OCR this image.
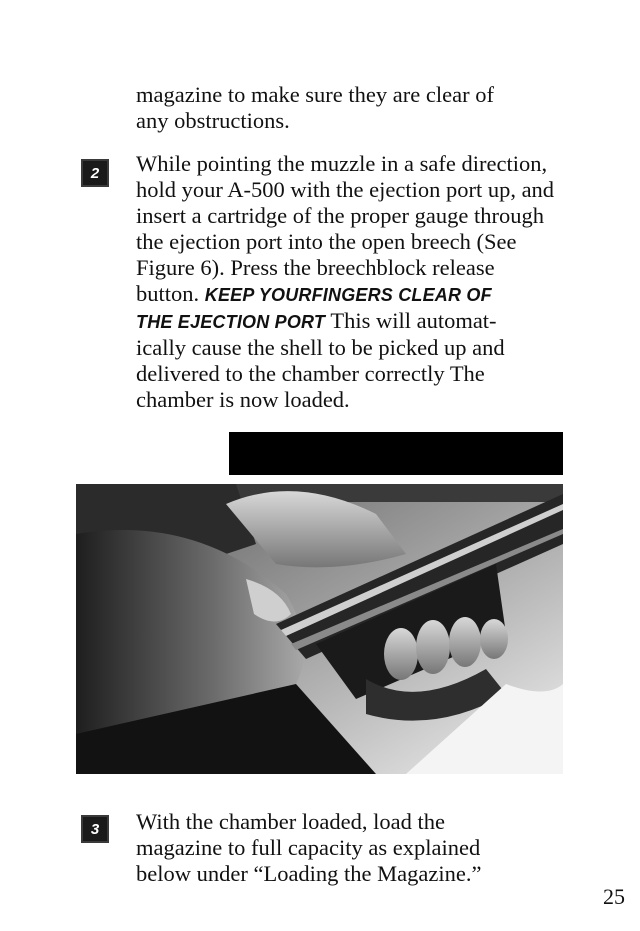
magazine to make sure they are clear of
any obstructions.
2	While pointing the muzzle in a safe direction,
hold your A-500 with the ejection port up, and
insert a cartridge of the proper gauge through
the ejection port into the open breech (See
Figure 6). Press the breechblock release
button. KEEP YOURFINGERS CLEAR OF
THE EJECTION PORT This will automat-
ically cause the shell to be picked up and
delivered to the chamber correctly The
chamber is now loaded.
3	With the chamber loaded, load the
magazine to full capacity as explained
below under “Loading the Magazine.”
25
